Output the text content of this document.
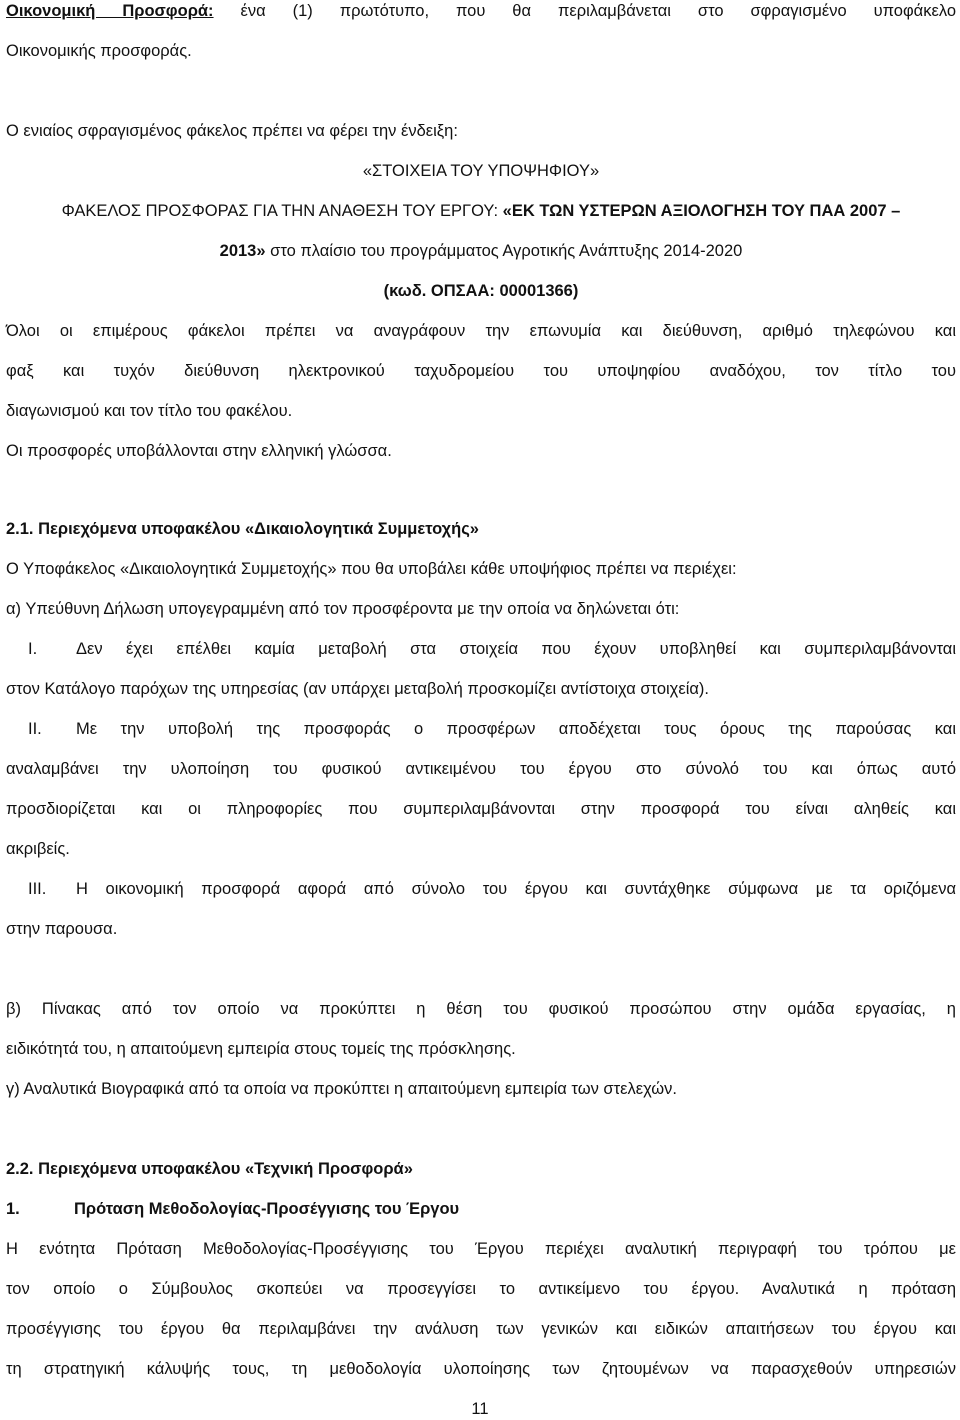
Οικονομική Προσφορά: ένα (1) πρωτότυπο, που θα περιλαμβάνεται στο σφραγισμένο υποφάκελο
Οικονομικής προσφοράς.
Ο ενιαίος σφραγισμένος φάκελος πρέπει να φέρει την ένδειξη:
«ΣΤΟΙΧΕΙΑ ΤΟΥ ΥΠΟΨΗΦΙΟΥ»
ΦΑΚΕΛΟΣ ΠΡΟΣΦΟΡΑΣ ΓΙΑ ΤΗΝ ΑΝΑΘΕΣΗ ΤΟΥ ΕΡΓΟΥ: «ΕΚ ΤΩΝ ΥΣΤΕΡΩΝ ΑΞΙΟΛΟΓΗΣΗ ΤΟΥ ΠΑΑ 2007 –
2013» στο πλαίσιο του προγράμματος Αγροτικής Ανάπτυξης 2014-2020
(κωδ. ΟΠΣΑΑ: 00001366)
Όλοι οι επιμέρους φάκελοι πρέπει να αναγράφουν την επωνυμία και διεύθυνση, αριθμό τηλεφώνου και
φαξ και τυχόν διεύθυνση ηλεκτρονικού ταχυδρομείου του υποψηφίου αναδόχου, τον τίτλο του
διαγωνισμού και τον τίτλο του φακέλου.
Οι προσφορές υποβάλλονται στην ελληνική γλώσσα.
2.1. Περιεχόμενα υποφακέλου «Δικαιολογητικά Συμμετοχής»
Ο Υποφάκελος «Δικαιολογητικά Συμμετοχής» που θα υποβάλει κάθε υποψήφιος πρέπει να περιέχει:
α) Υπεύθυνη Δήλωση υπογεγραμμένη από τον προσφέροντα με την οποία να δηλώνεται ότι:
I. Δεν έχει επέλθει καμία μεταβολή στα στοιχεία που έχουν υποβληθεί και συμπεριλαμβάνονται
στον Κατάλογο παρόχων της υπηρεσίας (αν υπάρχει μεταβολή προσκομίζει αντίστοιχα στοιχεία).
II. Με την υποβολή της προσφοράς ο προσφέρων αποδέχεται τους όρους της παρούσας και
αναλαμβάνει την υλοποίηση του φυσικού αντικειμένου του έργου στο σύνολό του και όπως αυτό
προσδιορίζεται και οι πληροφορίες που συμπεριλαμβάνονται στην προσφορά του είναι αληθείς και
ακριβείς.
III. Η οικονομική προσφορά αφορά από σύνολο του έργου και συντάχθηκε σύμφωνα με τα οριζόμενα
στην παρουσα.
β) Πίνακας από τον οποίο να προκύπτει η θέση του φυσικού προσώπου στην ομάδα εργασίας, η
ειδικότητά του, η απαιτούμενη εμπειρία στους τομείς της πρόσκλησης.
γ) Αναλυτικά Βιογραφικά από τα οποία να προκύπτει η απαιτούμενη εμπειρία των στελεχών.
2.2. Περιεχόμενα υποφακέλου «Τεχνική Προσφορά»
1.	Πρόταση Μεθοδολογίας-Προσέγγισης του Έργου
Η ενότητα Πρόταση Μεθοδολογίας-Προσέγγισης του Έργου περιέχει αναλυτική περιγραφή του τρόπου με
τον οποίο ο Σύμβουλος σκοπεύει να προσεγγίσει το αντικείμενο του έργου. Αναλυτικά η πρόταση
προσέγγισης του έργου θα περιλαμβάνει την ανάλυση των γενικών και ειδικών απαιτήσεων του έργου και
τη στρατηγική κάλυψής τους, τη μεθοδολογία υλοποίησης των ζητουμένων να παρασχεθούν υπηρεσιών
11
